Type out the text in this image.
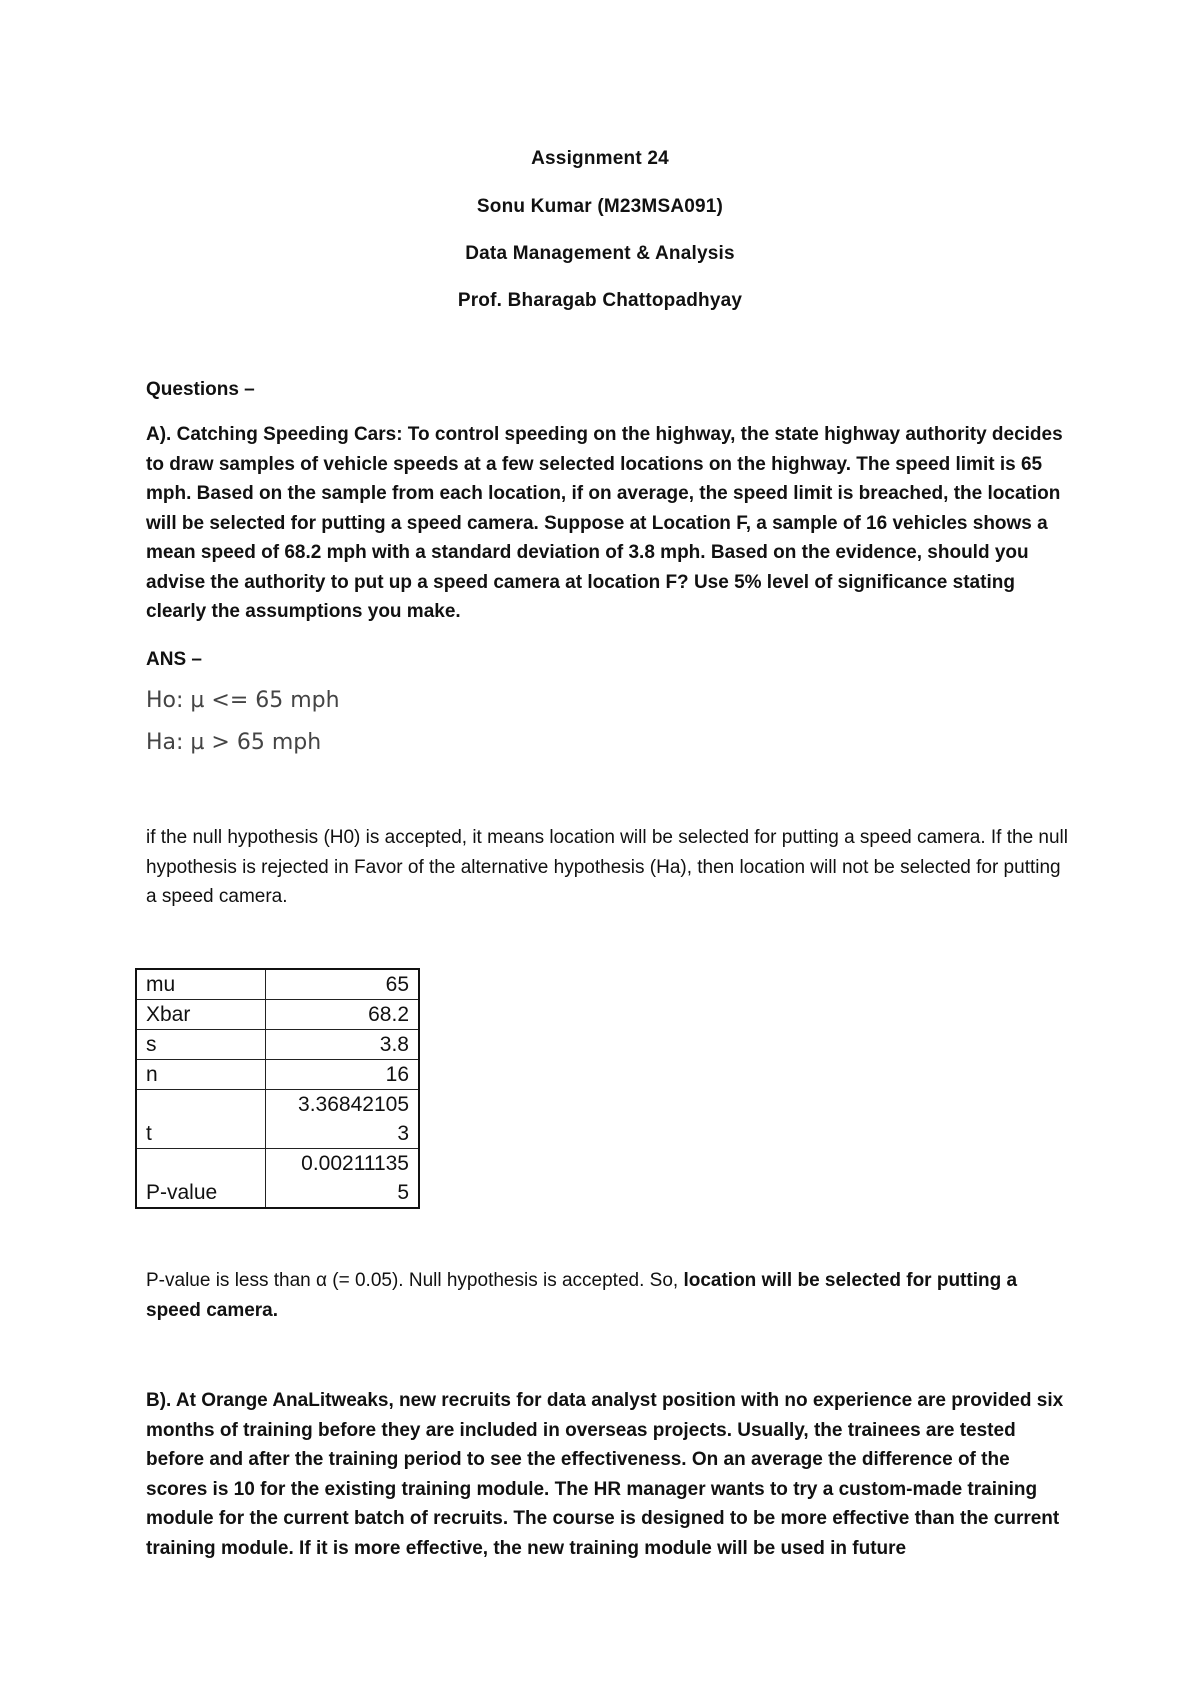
Assignment 24
Sonu Kumar (M23MSA091)
Data Management & Analysis
Prof. Bharagab Chattopadhyay
Questions –
A). Catching Speeding Cars: To control speeding on the highway, the state highway authority decides to draw samples of vehicle speeds at a few selected locations on the highway. The speed limit is 65 mph. Based on the sample from each location, if on average, the speed limit is breached, the location will be selected for putting a speed camera. Suppose at Location F, a sample of 16 vehicles shows a mean speed of 68.2 mph with a standard deviation of 3.8 mph. Based on the evidence, should you advise the authority to put up a speed camera at location F? Use 5% level of significance stating clearly the assumptions you make.
ANS –
Ho: µ <= 65 mph
Ha: µ > 65 mph
if the null hypothesis (H0) is accepted, it means location will be selected for putting a speed camera. If the null hypothesis is rejected in Favor of the alternative hypothesis (Ha), then location will not be selected for putting a speed camera.
mu	65
Xbar	68.2
s	3.8
n	16
t	3.36842105
3

P-value	0.00211135
5
P-value is less than α (= 0.05). Null hypothesis is accepted. So, location will be selected for putting a speed camera.
B). At Orange AnaLitweaks, new recruits for data analyst position with no experience are provided six months of training before they are included in overseas projects. Usually, the trainees are tested before and after the training period to see the effectiveness. On an average the difference of the scores is 10 for the existing training module. The HR manager wants to try a custom-made training module for the current batch of recruits. The course is designed to be more effective than the current training module. If it is more effective, the new training module will be used in future
